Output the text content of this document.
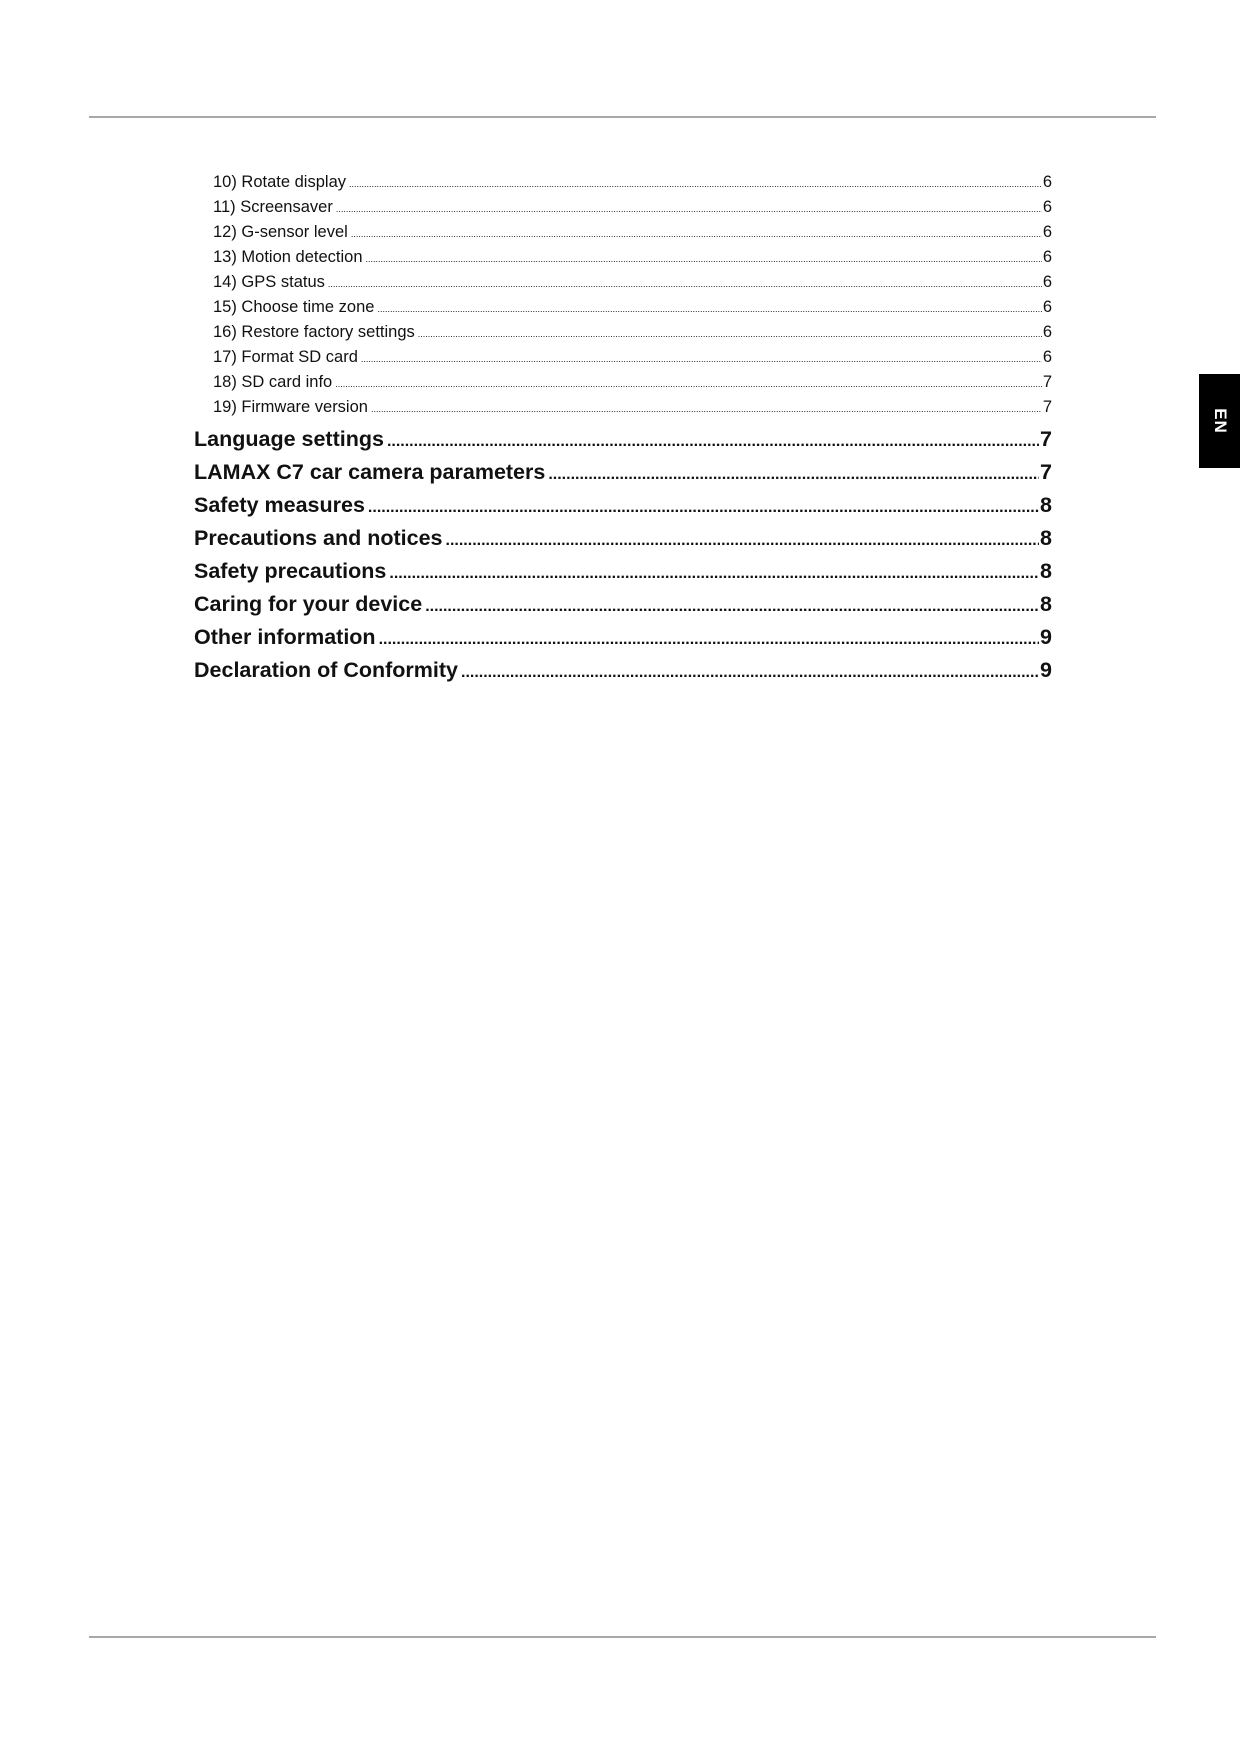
EN
10) Rotate display .....	6
11) Screensaver .....	6
12) G-sensor level .....	6
13) Motion detection .....	6
14) GPS status .....	6
15) Choose time zone .....	6
16) Restore factory settings .....	6
17) Format SD card .....	6
18) SD card info .....	7
19) Firmware version .....	7
Language settings .....	7
LAMAX C7 car camera parameters .....	7
Safety measures .....	8
Precautions and notices .....	8
Safety precautions .....	8
Caring for your device .....	8
Other information .....	9
Declaration of Conformity .....	9
